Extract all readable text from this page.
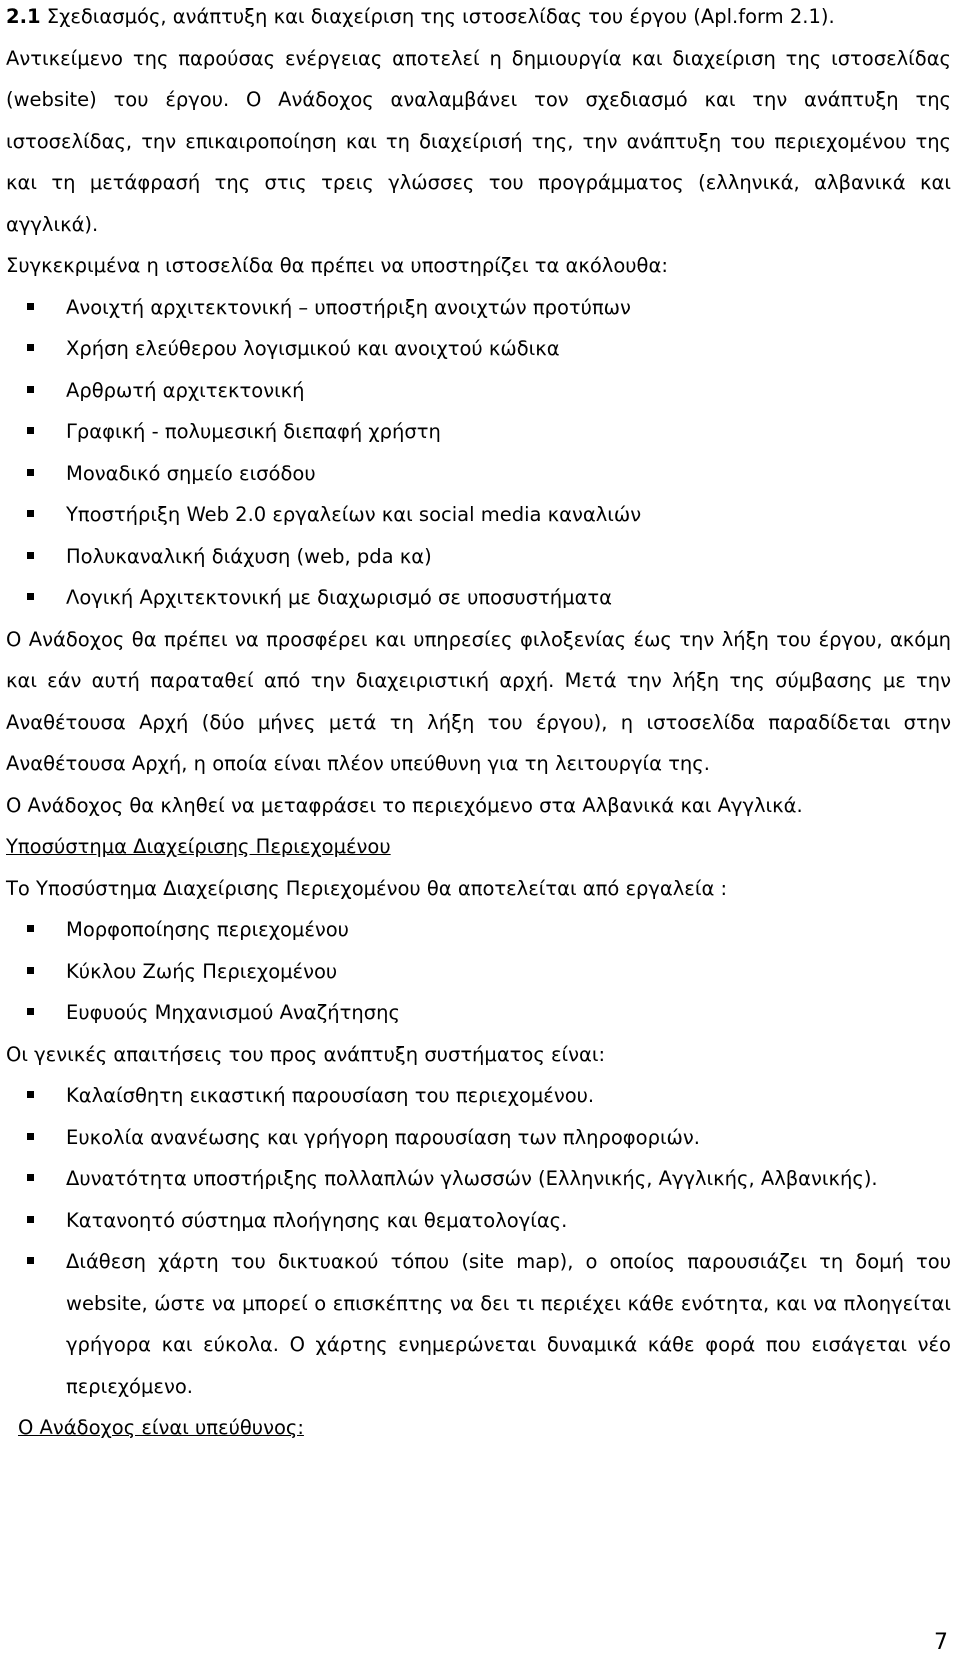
2.1 Σχεδιασμός, ανάπτυξη και διαχείριση της ιστοσελίδας του έργου (Apl.form 2.1).

Αντικείμενο της παρούσας ενέργειας αποτελεί η δημιουργία και διαχείριση της ιστοσελίδας (website) του έργου. Ο Ανάδοχος αναλαμβάνει τον σχεδιασμό και την ανάπτυξη της ιστοσελίδας, την επικαιροποίηση και τη διαχείρισή της, την ανάπτυξη του περιεχομένου της και τη μετάφρασή της στις τρεις γλώσσες του προγράμματος (ελληνικά, αλβανικά και αγγλικά).

Συγκεκριμένα η ιστοσελίδα θα πρέπει να υποστηρίζει τα ακόλουθα:

Ανοιχτή αρχιτεκτονική – υποστήριξη ανοιχτών προτύπων
Χρήση ελεύθερου λογισμικού και ανοιχτού κώδικα
Αρθρωτή αρχιτεκτονική
Γραφική - πολυμεσική διεπαφή χρήστη
Μοναδικό σημείο εισόδου
Υποστήριξη Web 2.0 εργαλείων και social media καναλιών
Πολυκαναλική διάχυση (web, pda κα)
Λογική Αρχιτεκτονική με διαχωρισμό σε υποσυστήματα

Ο Ανάδοχος θα πρέπει να προσφέρει και υπηρεσίες φιλοξενίας έως την λήξη του έργου, ακόμη και εάν αυτή παραταθεί από την διαχειριστική αρχή. Μετά την λήξη της σύμβασης με την Αναθέτουσα Αρχή (δύο μήνες μετά τη λήξη του έργου), η ιστοσελίδα παραδίδεται στην Αναθέτουσα Αρχή, η οποία είναι πλέον υπεύθυνη για τη λειτουργία της.

Ο Ανάδοχος θα κληθεί να μεταφράσει το περιεχόμενο στα Αλβανικά και Αγγλικά.

Υποσύστημα Διαχείρισης Περιεχομένου

Το Υποσύστημα Διαχείρισης Περιεχομένου θα αποτελείται από εργαλεία :

Μορφοποίησης περιεχομένου
Κύκλου Ζωής Περιεχομένου
Ευφυούς Μηχανισμού Αναζήτησης

Οι γενικές απαιτήσεις του προς ανάπτυξη συστήματος είναι:

Καλαίσθητη εικαστική παρουσίαση του περιεχομένου.
Ευκολία ανανέωσης και γρήγορη παρουσίαση των πληροφοριών.
Δυνατότητα υποστήριξης πολλαπλών γλωσσών (Ελληνικής, Αγγλικής, Αλβανικής).
Κατανοητό σύστημα πλοήγησης και θεματολογίας.
Διάθεση χάρτη του δικτυακού τόπου (site map), ο οποίος παρουσιάζει τη δομή του website, ώστε να μπορεί ο επισκέπτης να δει τι περιέχει κάθε ενότητα, και να πλοηγείται γρήγορα και εύκολα. Ο χάρτης ενημερώνεται δυναμικά κάθε φορά που εισάγεται νέο περιεχόμενο.

Ο Ανάδοχος είναι υπεύθυνος:

7
